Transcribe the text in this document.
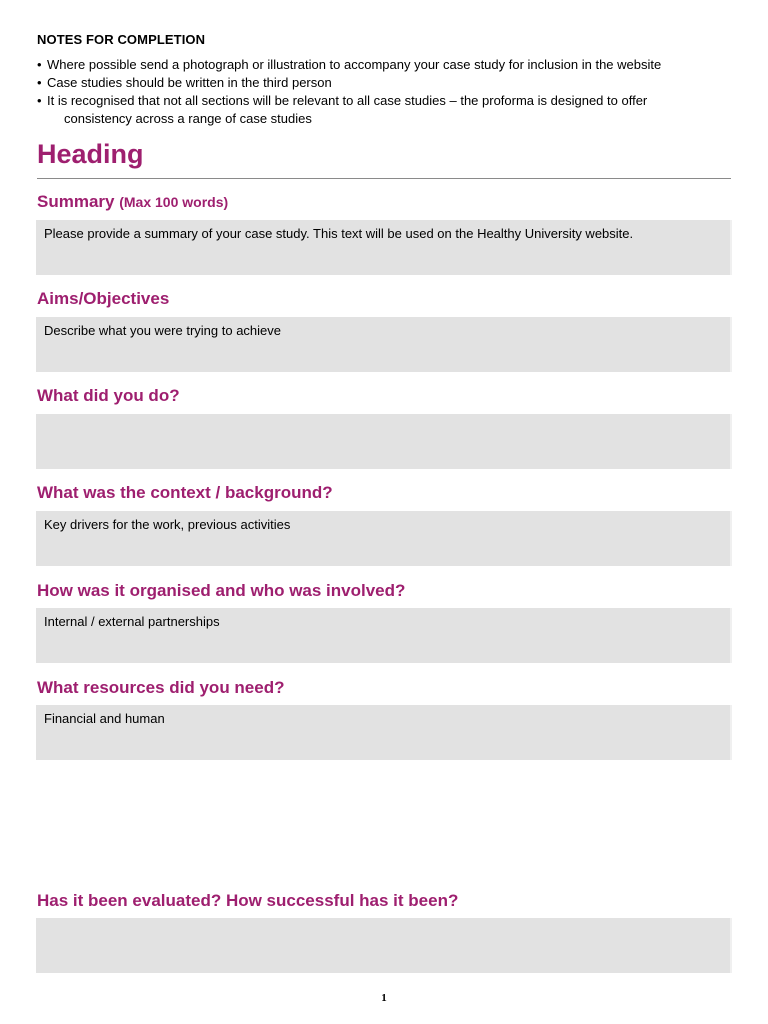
NOTES FOR COMPLETION
• Where possible send a photograph or illustration to accompany your case study for inclusion in the website
• Case studies should be written in the third person
• It is recognised that not all sections will be relevant to all case studies – the proforma is designed to offer
consistency across a range of case studies
Heading
Summary (Max 100 words)
Please provide a summary of your case study. This text will be used on the Healthy University website.
Aims/Objectives
Describe what you were trying to achieve
What did you do?
What was the context / background?
Key drivers for the work, previous activities
How was it organised and who was involved?
Internal / external partnerships
What resources did you need?
Financial and human
Has it been evaluated? How successful has it been?
1
